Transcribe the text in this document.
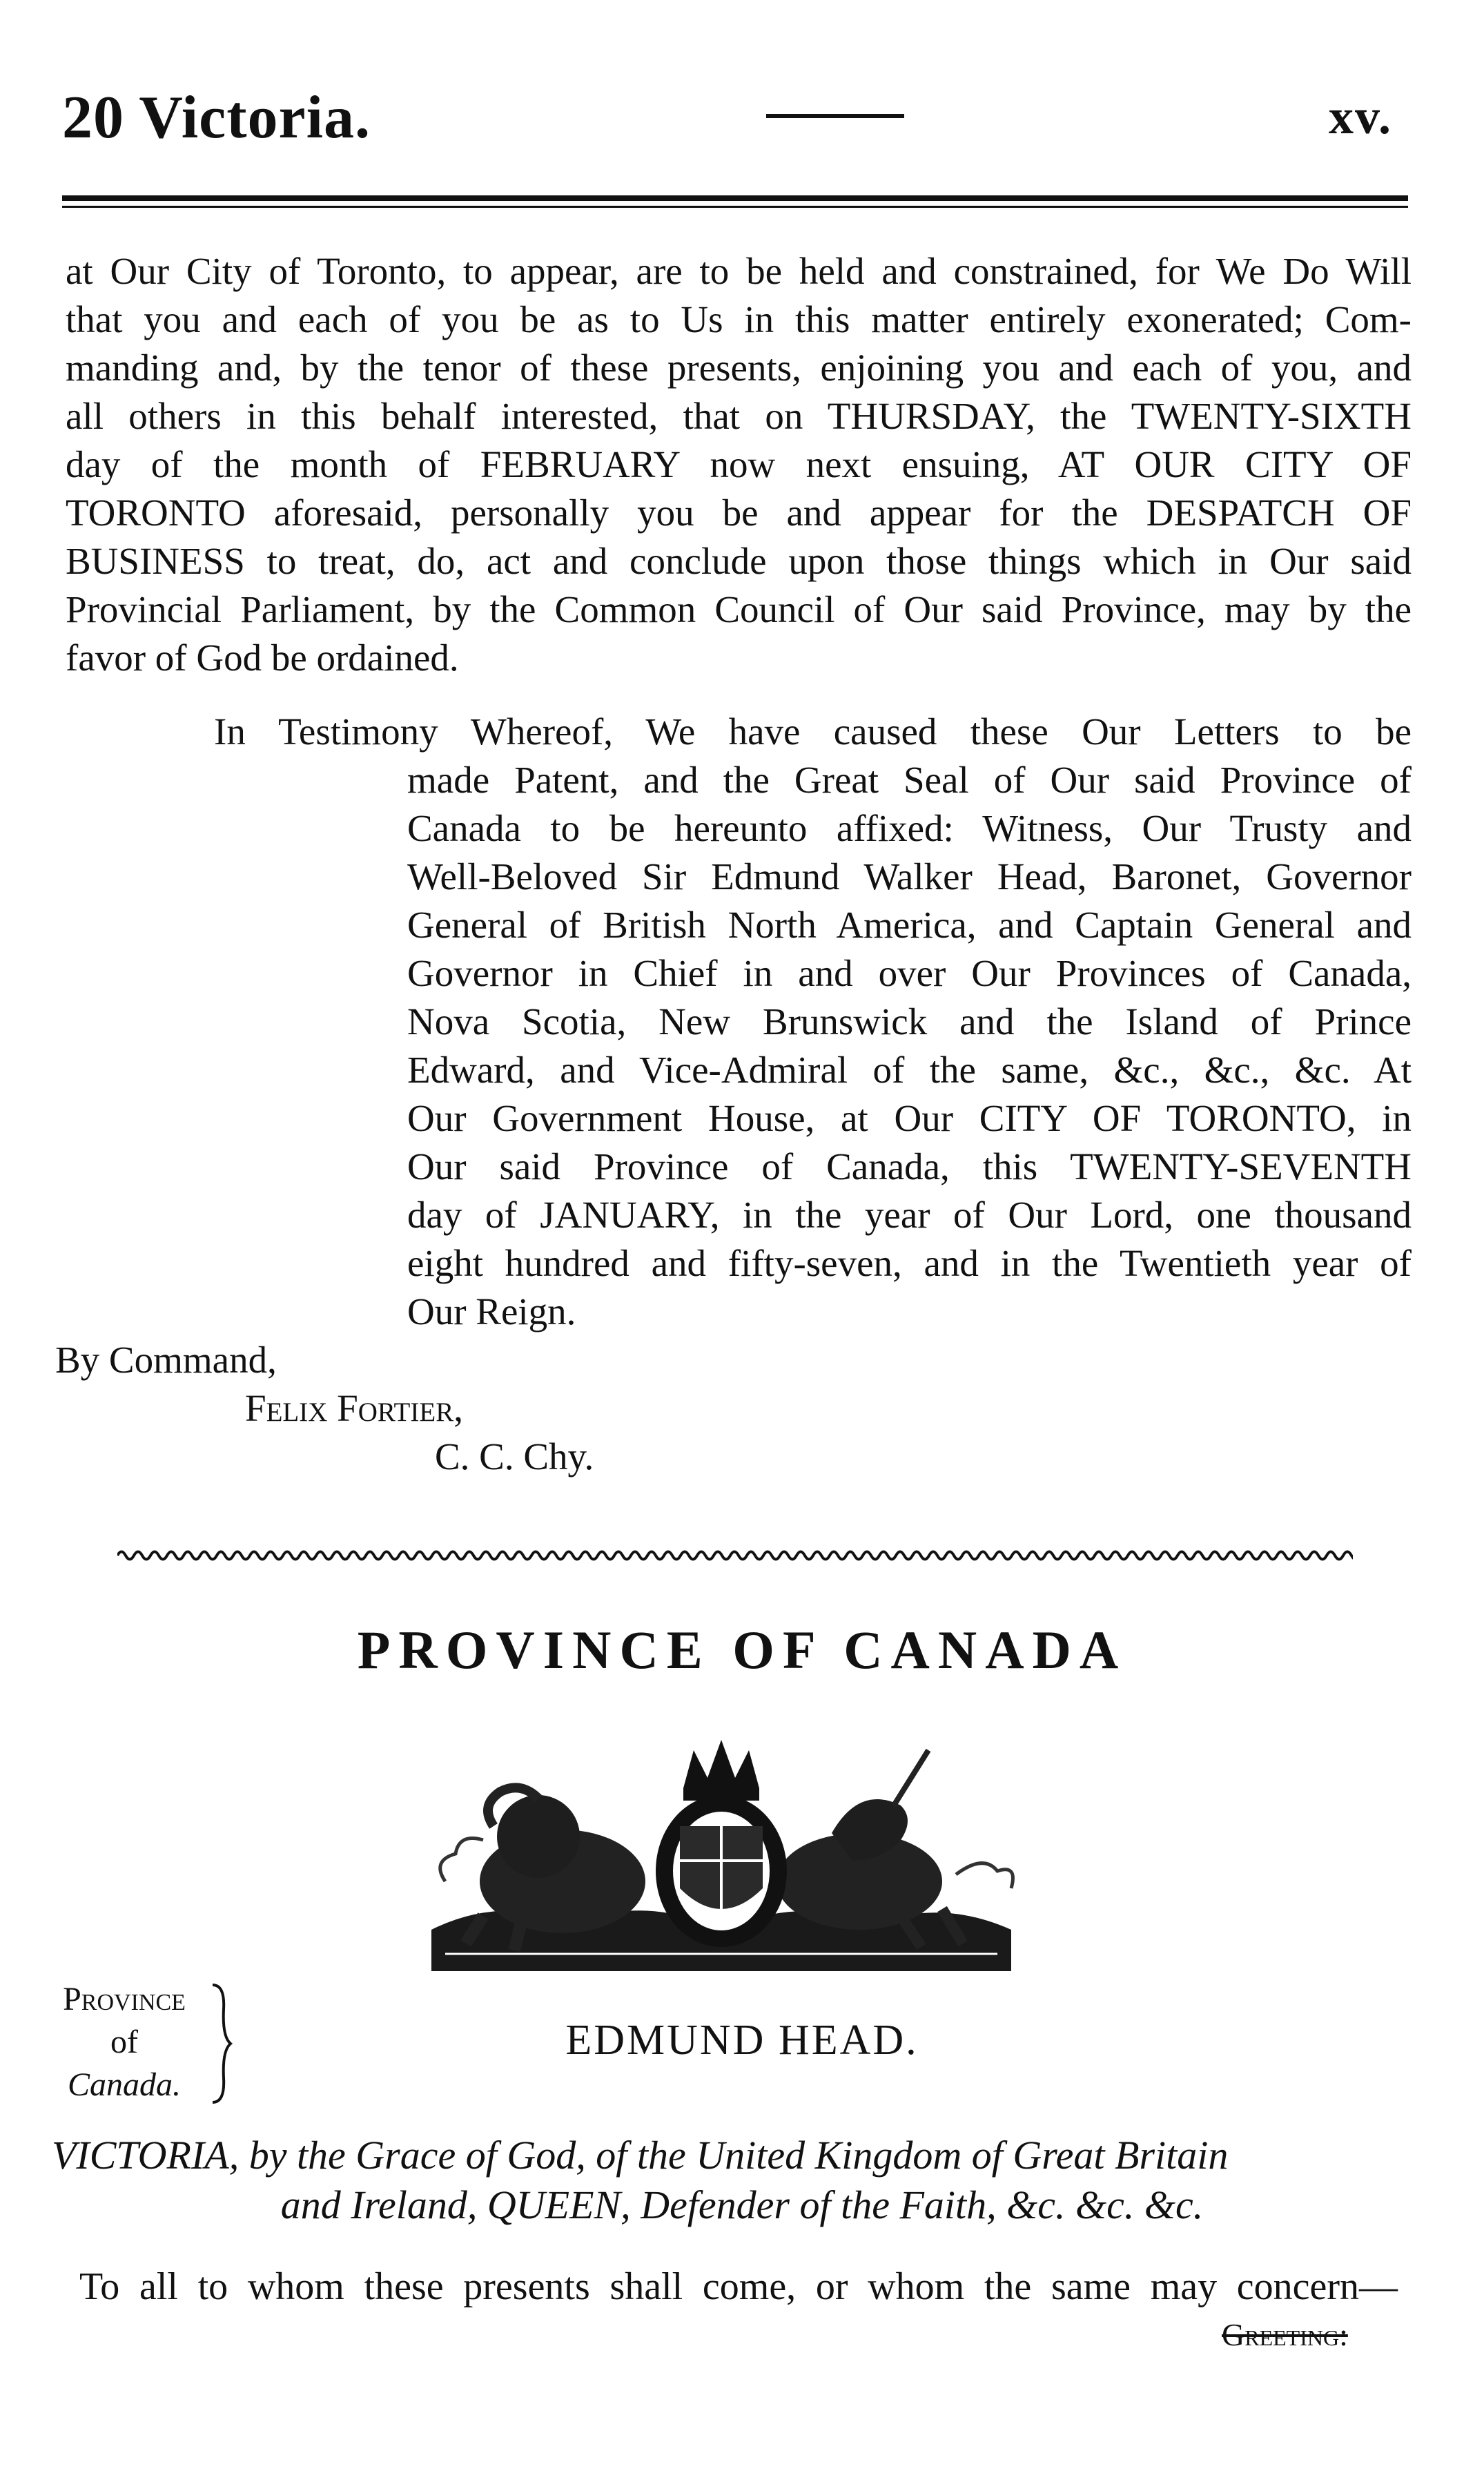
20 Victoria.	xv.
at Our City of Toronto, to appear, are to be held and constrained, for We Do Will
that you and each of you be as to Us in this matter entirely exonerated; Com-
manding and, by the tenor of these presents, enjoining you and each of you, and
all others in this behalf interested, that on THURSDAY, the TWENTY-SIXTH
day of the month of FEBRUARY now next ensuing, AT OUR CITY OF
TORONTO aforesaid, personally you be and appear for the DESPATCH OF
BUSINESS to treat, do, act and conclude upon those things which in Our said
Provincial Parliament, by the Common Council of Our said Province, may by the
favor of God be ordained.
In Testimony Whereof, We have caused these Our Letters to be
made Patent, and the Great Seal of Our said Province of
Canada to be hereunto affixed: Witness, Our Trusty and
Well-Beloved Sir Edmund Walker Head, Baronet, Governor
General of British North America, and Captain General and
Governor in Chief in and over Our Provinces of Canada,
Nova Scotia, New Brunswick and the Island of Prince
Edward, and Vice-Admiral of the same, &c., &c., &c. At
Our Government House, at Our CITY OF TORONTO, in
Our said Province of Canada, this TWENTY-SEVENTH
day of JANUARY, in the year of Our Lord, one thousand
eight hundred and fifty-seven, and in the Twentieth year of
Our Reign.
By Command,
Felix Fortier,
C. C. Chy.
PROVINCE OF CANADA
Province
of
Canada.
EDMUND HEAD.
VICTORIA, by the Grace of God, of the United Kingdom of Great Britain
and Ireland, QUEEN, Defender of the Faith, &c. &c. &c.
To all to whom these presents shall come, or whom the same may concern—
Greeting:
